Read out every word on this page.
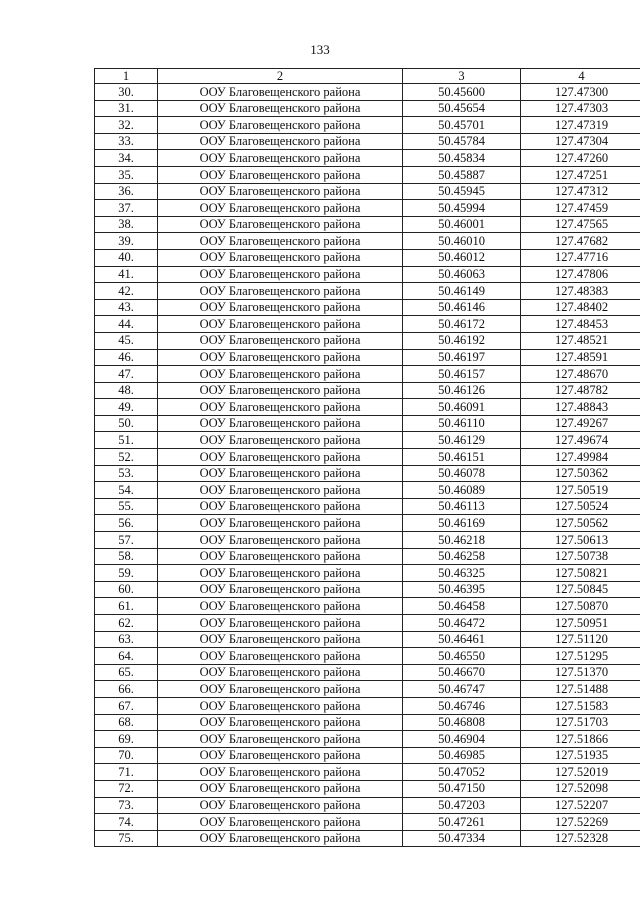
133
1	2	3	4
30.	ООУ Благовещенского района	50.45600	127.47300
31.	ООУ Благовещенского района	50.45654	127.47303
32.	ООУ Благовещенского района	50.45701	127.47319
33.	ООУ Благовещенского района	50.45784	127.47304
34.	ООУ Благовещенского района	50.45834	127.47260
35.	ООУ Благовещенского района	50.45887	127.47251
36.	ООУ Благовещенского района	50.45945	127.47312
37.	ООУ Благовещенского района	50.45994	127.47459
38.	ООУ Благовещенского района	50.46001	127.47565
39.	ООУ Благовещенского района	50.46010	127.47682
40.	ООУ Благовещенского района	50.46012	127.47716
41.	ООУ Благовещенского района	50.46063	127.47806
42.	ООУ Благовещенского района	50.46149	127.48383
43.	ООУ Благовещенского района	50.46146	127.48402
44.	ООУ Благовещенского района	50.46172	127.48453
45.	ООУ Благовещенского района	50.46192	127.48521
46.	ООУ Благовещенского района	50.46197	127.48591
47.	ООУ Благовещенского района	50.46157	127.48670
48.	ООУ Благовещенского района	50.46126	127.48782
49.	ООУ Благовещенского района	50.46091	127.48843
50.	ООУ Благовещенского района	50.46110	127.49267
51.	ООУ Благовещенского района	50.46129	127.49674
52.	ООУ Благовещенского района	50.46151	127.49984
53.	ООУ Благовещенского района	50.46078	127.50362
54.	ООУ Благовещенского района	50.46089	127.50519
55.	ООУ Благовещенского района	50.46113	127.50524
56.	ООУ Благовещенского района	50.46169	127.50562
57.	ООУ Благовещенского района	50.46218	127.50613
58.	ООУ Благовещенского района	50.46258	127.50738
59.	ООУ Благовещенского района	50.46325	127.50821
60.	ООУ Благовещенского района	50.46395	127.50845
61.	ООУ Благовещенского района	50.46458	127.50870
62.	ООУ Благовещенского района	50.46472	127.50951
63.	ООУ Благовещенского района	50.46461	127.51120
64.	ООУ Благовещенского района	50.46550	127.51295
65.	ООУ Благовещенского района	50.46670	127.51370
66.	ООУ Благовещенского района	50.46747	127.51488
67.	ООУ Благовещенского района	50.46746	127.51583
68.	ООУ Благовещенского района	50.46808	127.51703
69.	ООУ Благовещенского района	50.46904	127.51866
70.	ООУ Благовещенского района	50.46985	127.51935
71.	ООУ Благовещенского района	50.47052	127.52019
72.	ООУ Благовещенского района	50.47150	127.52098
73.	ООУ Благовещенского района	50.47203	127.52207
74.	ООУ Благовещенского района	50.47261	127.52269
75.	ООУ Благовещенского района	50.47334	127.52328
